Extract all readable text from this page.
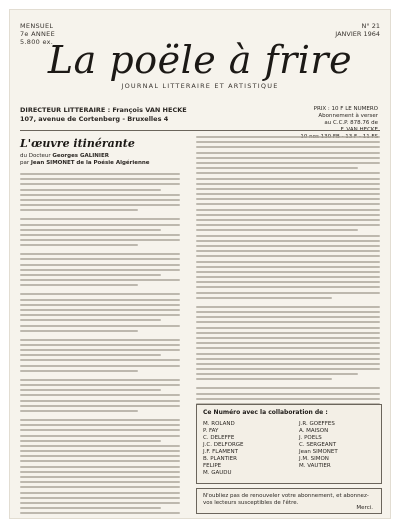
MENSUEL
7e ANNEE
5.800 ex.
N° 21
JANVIER 1964
La poële à frire
JOURNAL LITTERAIRE ET ARTISTIQUE
DIRECTEUR LITTERAIRE : François VAN HECKE
107, avenue de Cortenberg - Bruxelles 4
PRIX : 10 F LE NUMERO
Abonnement à verser
au C.C.P. 878.76 de
L'œuvre itinérante
du Docteur Georges GALINIER
par Jean SIMONET de la Poésie Algérienne
Ce Numéro avec la collaboration de :
M. ROLAND
P. FAY
C. DELEFFE
J.C. DELFORGE
J.F. FLAMENT
B. PLANTIER
FELIPE
M. GAUDU
J.R. GOEFFES
A. MAISON
J. POELS
C. SERGEANT
Jean SIMONET
J.M. SIMON
M. VAUTIER
N'oubliez pas de renouveler votre abonnement, et abonnez-vos lecteurs susceptibles de l'être.
Merci.
